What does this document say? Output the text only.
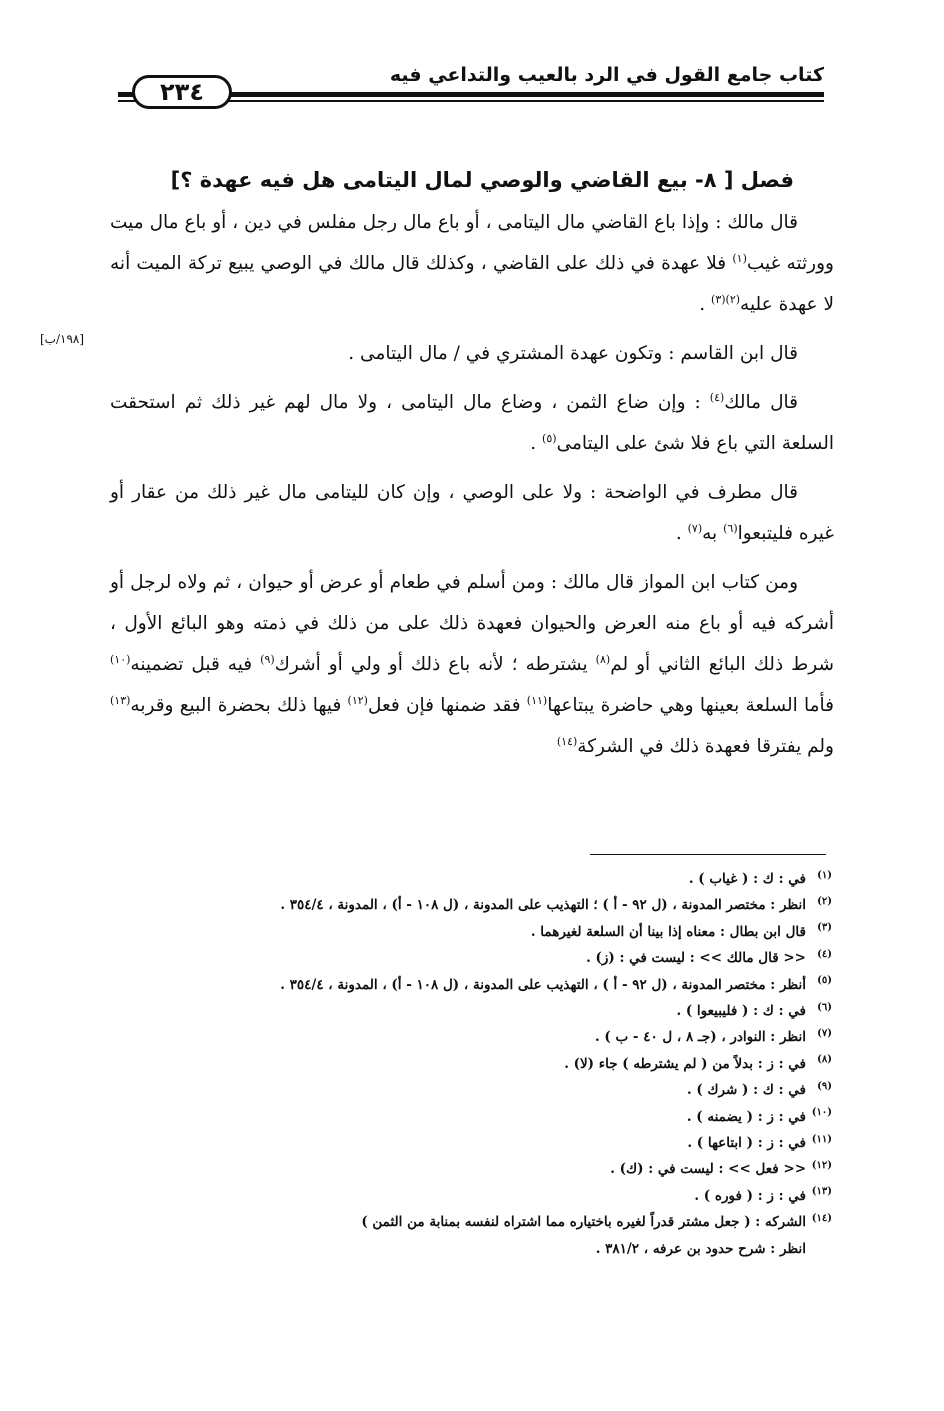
كتاب جامع القول في الرد بالعيب والتداعي فيه
٢٣٤
[١٩٨/ب]
فصل [ ٨- بيع القاضي والوصي لمال اليتامى هل فيه عهدة ؟]

قال مالك : وإذا باع القاضي مال اليتامى ، أو باع مال رجل مفلس في دين ، أو باع مال ميت وورثته غيب$^{(١)}$ فلا عهدة في ذلك على القاضي ، وكذلك قال مالك في الوصي يبيع تركة الميت أنه لا عهدة عليه$^{(٢)(٣)}$ .

قال ابن القاسم : وتكون عهدة المشتري في / مال اليتامى .

قال مالك$^{(٤)}$ : وإن ضاع الثمن ، وضاع مال اليتامى ، ولا مال لهم غير ذلك ثم استحقت السلعة التي باع فلا شئ على اليتامى$^{(٥)}$ .

قال مطرف في الواضحة : ولا على الوصي ، وإن كان لليتامى مال غير ذلك من عقار أو غيره فليتبعوا$^{(٦)}$ به$^{(٧)}$ .

ومن كتاب ابن المواز قال مالك : ومن أسلم في طعام أو عرض أو حيوان ، ثم ولاه لرجل أو أشركه فيه أو باع منه العرض والحيوان فعهدة ذلك على من ذلك في ذمته وهو البائع الأول ، شرط ذلك البائع الثاني أو لم$^{(٨)}$ يشترطه ؛ لأنه باع ذلك أو ولي أو أشرك$^{(٩)}$ فيه قبل تضمينه$^{(١٠)}$ فأما السلعة بعينها وهي حاضرة يبتاعها$^{(١١)}$ فقد ضمنها فإن فعل$^{(١٢)}$ فيها ذلك بحضرة البيع وقربه$^{(١٣)}$ ولم يفترقا فعهدة ذلك في الشركة$^{(١٤)}$

(١)في : ك : ( غياب ) .
(٢)انظر : مختصر المدونة ، (ل ٩٢ - أ ) ؛ التهذيب على المدونة ، (ل ١٠٨ - أ) ، المدونة ، ٣٥٤/٤ .
(٣)قال ابن بطال : معناه إذا بينا أن السلعة لغيرهما .
(٤)<< قال مالك >> : ليست في : (ز) .
(٥)أنظر : مختصر المدونة ، (ل ٩٢ - أ ) ، التهذيب على المدونة ، (ل ١٠٨ - أ) ، المدونة ، ٣٥٤/٤ .
(٦)في : ك : ( فليبيعوا ) .
(٧)انظر : النوادر ، (جـ ٨ ، ل ٤٠ - ب ) .
(٨)في : ز : بدلاً من ( لم يشترطه ) جاء (لا) .
(٩)في : ك : ( شرك ) .
(١٠)في : ز : ( يضمنه ) .
(١١)في : ز : ( ابتاعها ) .
(١٢)<< فعل >> : ليست في : (ك) .
(١٣)في : ز : ( فوره ) .
(١٤)الشركه : ( جعل مشتر قدراً لغيره باختياره مما اشتراه لنفسه بمنابة من الثمن )
انظر : شرح حدود بن عرفه ، ٣٨١/٢ .
